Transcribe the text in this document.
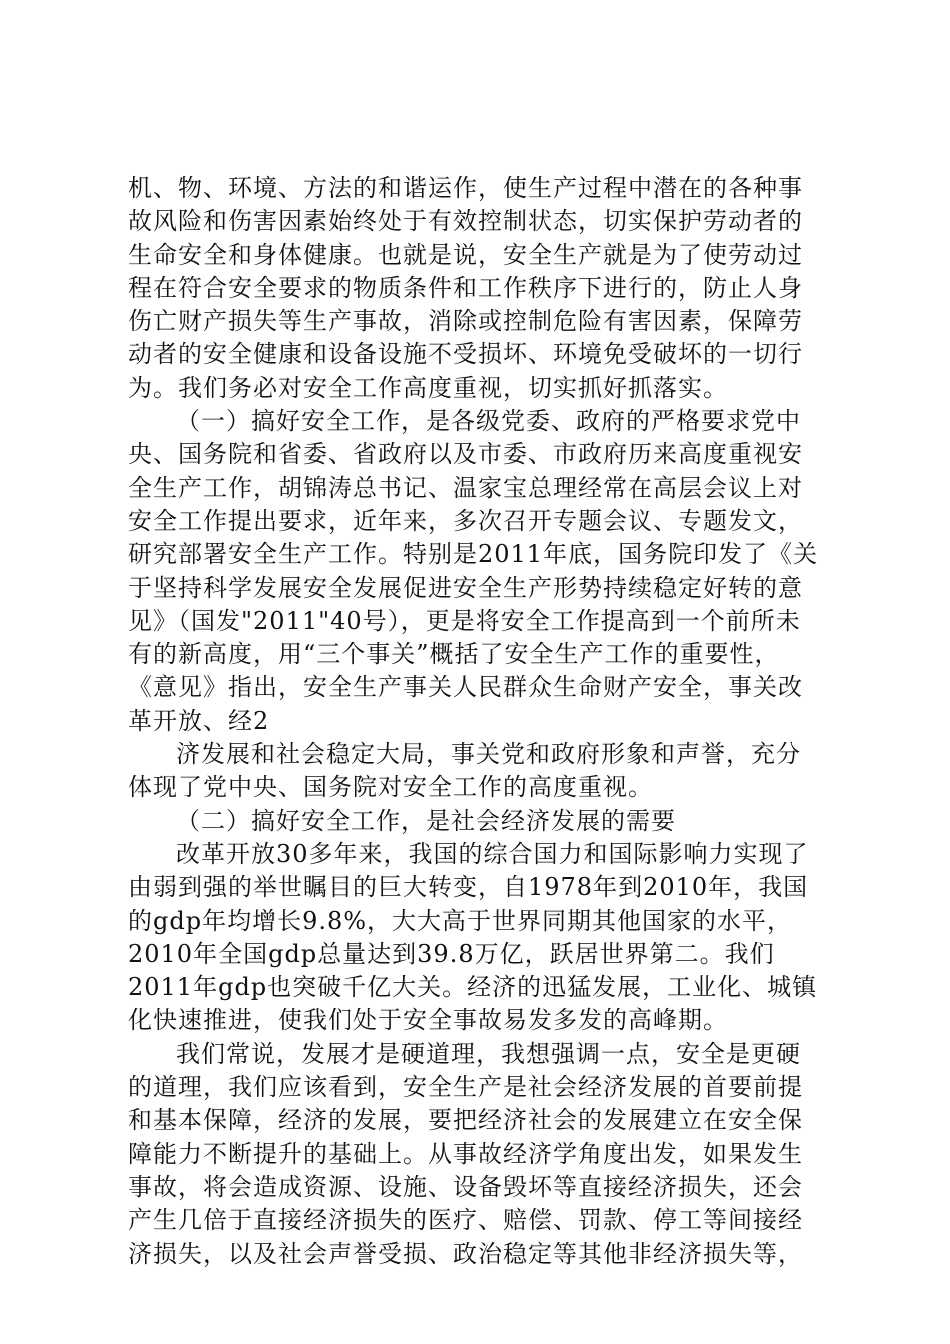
机、物、环境、方法的和谐运作，使生产过程中潜在的各种事
故风险和伤害因素始终处于有效控制状态，切实保护劳动者的
生命安全和身体健康。也就是说，安全生产就是为了使劳动过
程在符合安全要求的物质条件和工作秩序下进行的，防止人身
伤亡财产损失等生产事故，消除或控制危险有害因素，保障劳
动者的安全健康和设备设施不受损坏、环境免受破坏的一切行
为。我们务必对安全工作高度重视，切实抓好抓落实。
（一）搞好安全工作，是各级党委、政府的严格要求党中
央、国务院和省委、省政府以及市委、市政府历来高度重视安
全生产工作，胡锦涛总书记、温家宝总理经常在高层会议上对
安全工作提出要求，近年来，多次召开专题会议、专题发文，
研究部署安全生产工作。特别是2011年底，国务院印发了《关
于坚持科学发展安全发展促进安全生产形势持续稳定好转的意
见》（国发"2011"40号），更是将安全工作提高到一个前所未
有的新高度，用“三个事关”概括了安全生产工作的重要性，
《意见》指出，安全生产事关人民群众生命财产安全，事关改
革开放、经2
济发展和社会稳定大局，事关党和政府形象和声誉，充分
体现了党中央、国务院对安全工作的高度重视。
（二）搞好安全工作，是社会经济发展的需要
改革开放30多年来，我国的综合国力和国际影响力实现了
由弱到强的举世瞩目的巨大转变，自1978年到2010年，我国
的gdp年均增长9.8%，大大高于世界同期其他国家的水平，
2010年全国gdp总量达到39.8万亿，跃居世界第二。我们
2011年gdp也突破千亿大关。经济的迅猛发展，工业化、城镇
化快速推进，使我们处于安全事故易发多发的高峰期。
我们常说，发展才是硬道理，我想强调一点，安全是更硬
的道理，我们应该看到，安全生产是社会经济发展的首要前提
和基本保障，经济的发展，要把经济社会的发展建立在安全保
障能力不断提升的基础上。从事故经济学角度出发，如果发生
事故，将会造成资源、设施、设备毁坏等直接经济损失，还会
产生几倍于直接经济损失的医疗、赔偿、罚款、停工等间接经
济损失，以及社会声誉受损、政治稳定等其他非经济损失等，
